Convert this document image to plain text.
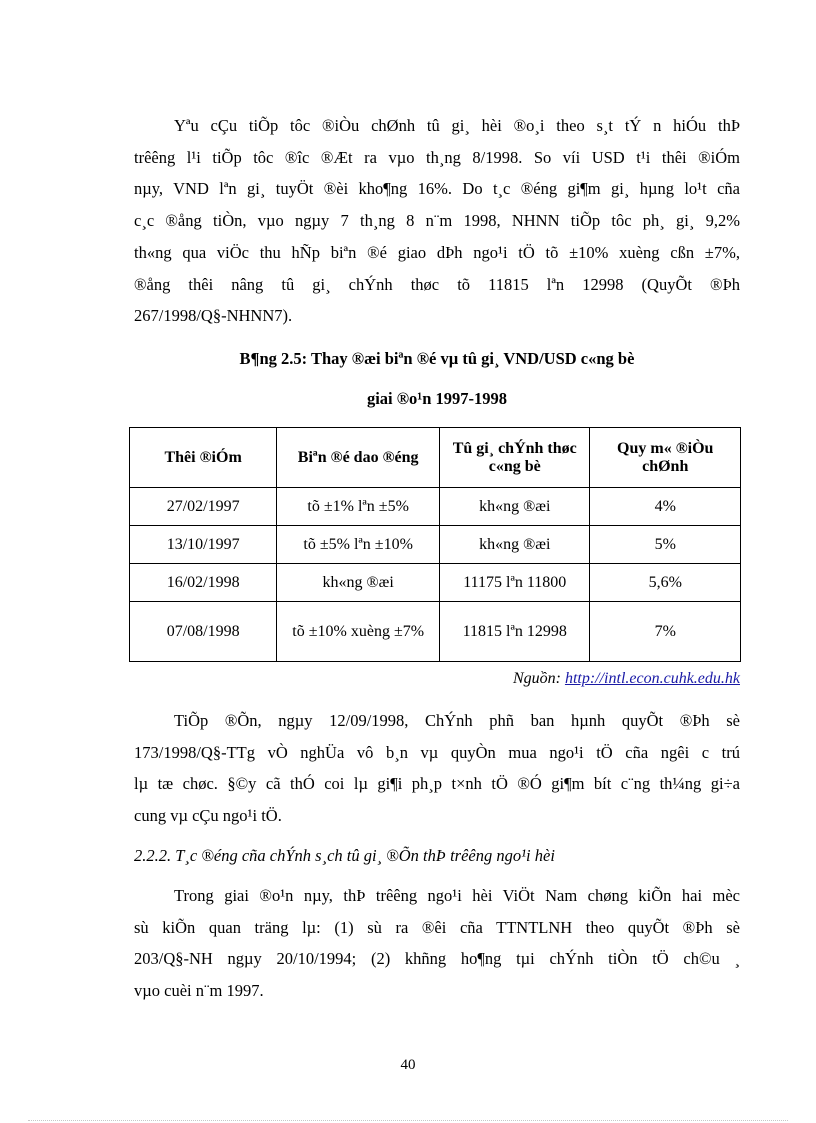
Yªu cÇu tiÕp tôc ®iÒu chØnh tû gi¸ hèi ®o¸i theo s¸t tÝ n hiÓu thÞ
trêêng l¹i tiÕp tôc ®îc ®Æt ra vµo th¸ng 8/1998. So víi USD t¹i thêi ®iÓm
nµy, VND lªn gi¸ tuyÖt ®èi kho¶ng 16%. Do t¸c ®éng gi¶m gi¸ hµng lo¹t cña
c¸c ®ång tiÒn, vµo ngµy 7 th¸ng 8 n¨m 1998, NHNN tiÕp tôc ph¸ gi¸ 9,2%
th«ng qua viÖc thu hÑp biªn ®é giao dÞh ngo¹i tÖ tõ ±10% xuèng cßn ±7%,
®ång thêi nâng tû gi¸ chÝnh thøc tõ 11815 lªn 12998 (QuyÕt ®Þh
267/1998/Q§-NHNN7).

B¶ng 2.5: Thay ®æi biªn ®é vµ tû gi¸ VND/USD c«ng bè
giai ®o¹n 1997-1998
Thêi ®iÓm	Biªn ®é dao ®éng	Tû gi¸ chÝnh thøc c«ng bè	Quy m« ®iÒu chØnh
27/02/1997	tõ ±1% lªn ±5%	kh«ng ®æi	4%
13/10/1997	tõ ±5% lªn ±10%	kh«ng ®æi	5%
16/02/1998	kh«ng ®æi	11175 lªn 11800	5,6%
07/08/1998	tõ ±10% xuèng ±7%	11815 lªn 12998	7%
Nguồn: http://intl.econ.cuhk.edu.hk

TiÕp ®Õn, ngµy 12/09/1998, ChÝnh phñ ban hµnh quyÕt ®Þh sè
173/1998/Q§-TTg vÒ nghÜa vô b¸n vµ quyÒn mua ngo¹i tÖ cña ngêi c trú
lµ tæ chøc. §©y cã thÓ coi lµ gi¶i ph¸p t×nh tÖ ®Ó gi¶m bít c¨ng th¼ng gi÷a
cung vµ cÇu ngo¹i tÖ.

2.2.2. T¸c ®éng cña chÝnh s¸ch tû gi¸ ®Õn thÞ trêêng ngo¹i hèi

Trong giai ®o¹n nµy, thÞ trêêng ngo¹i hèi ViÖt Nam chøng kiÕn hai mèc
sù kiÕn quan träng lµ: (1) sù ra ®êi cña TTNTLNH theo quyÕt ®Þh sè
203/Q§-NH ngµy 20/10/1994; (2) khñng ho¶ng tµi chÝnh tiÒn tÖ ch©u ¸
vµo cuèi n¨m 1997.

40
